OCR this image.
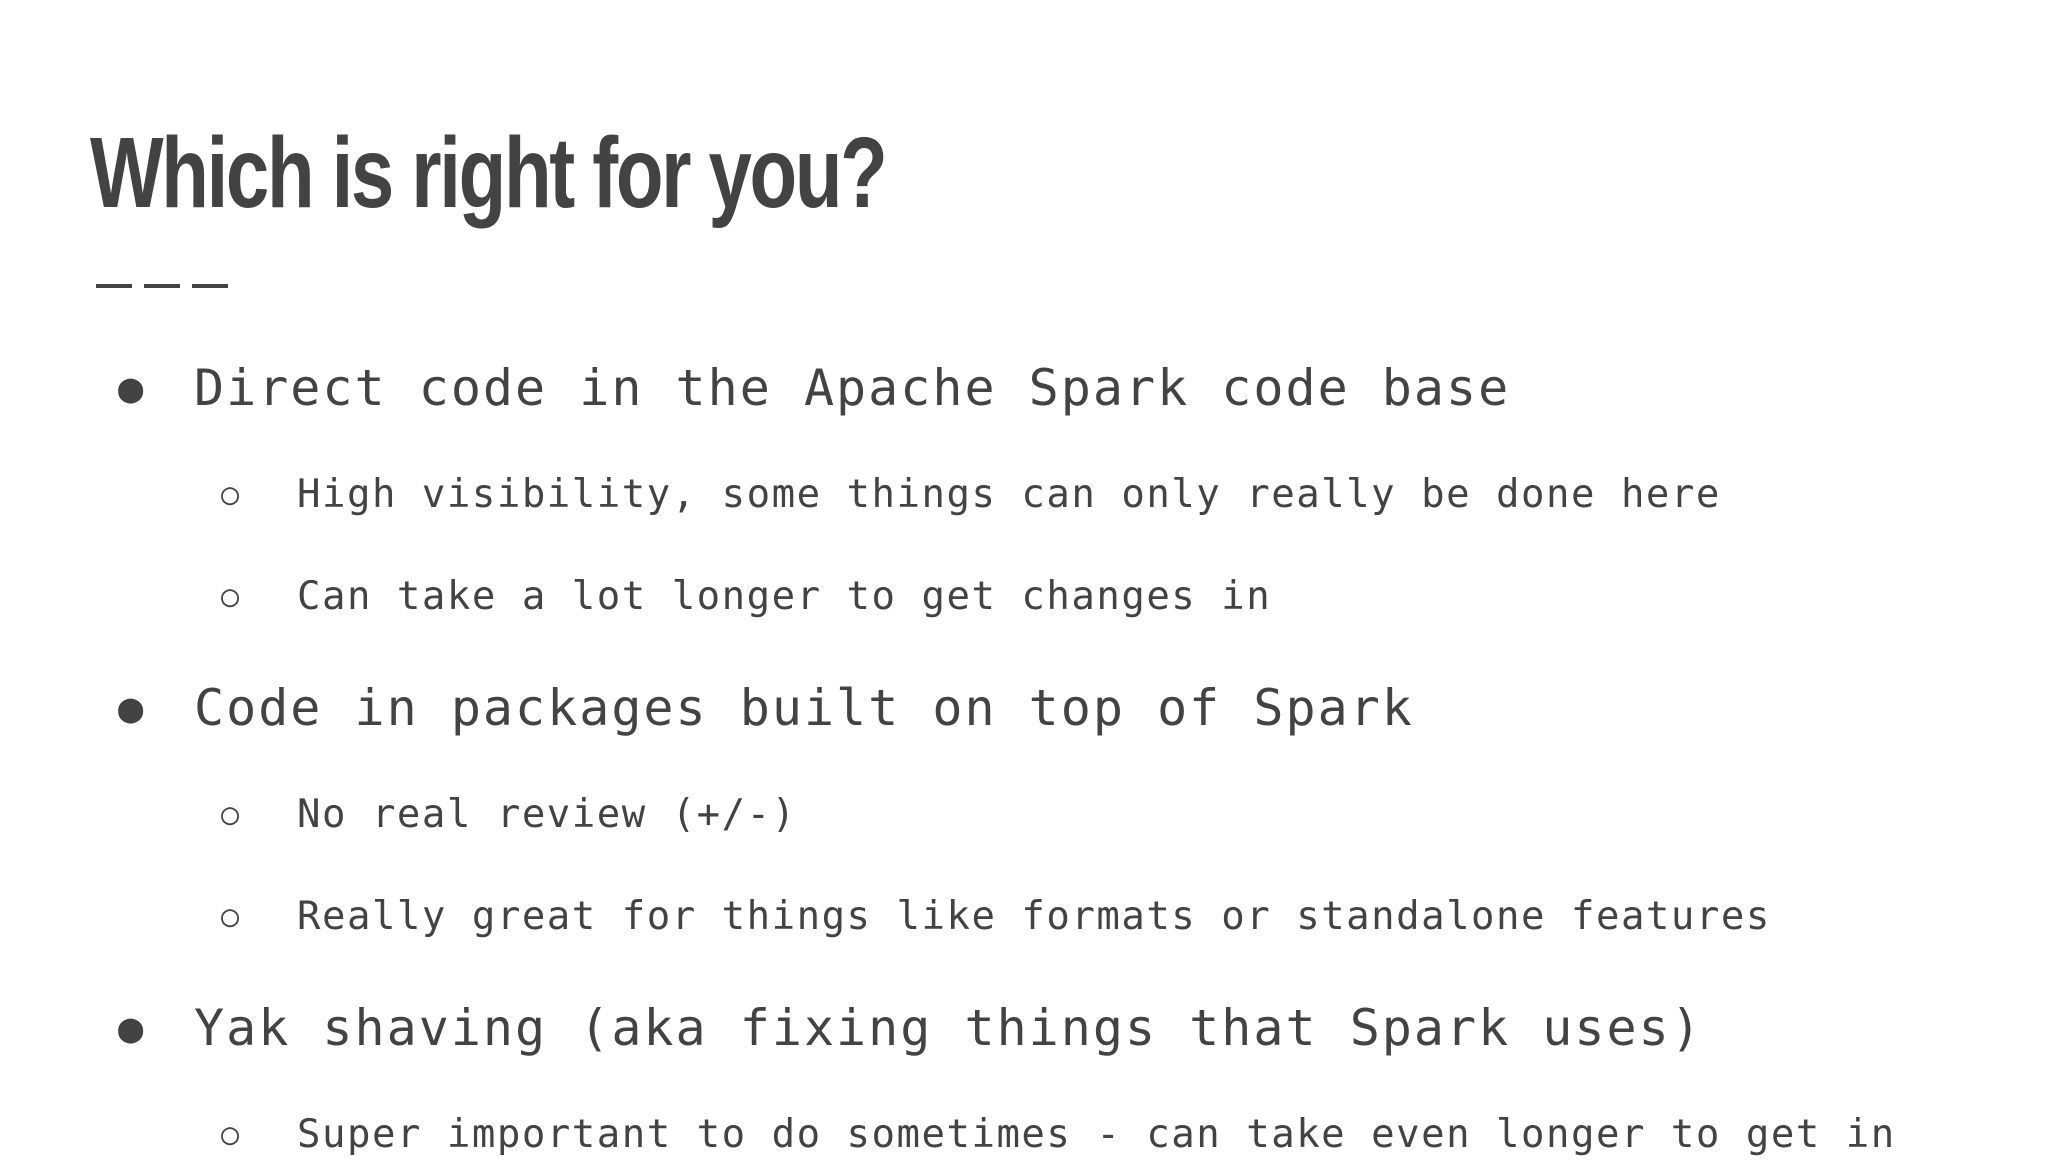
Which is right for you?
● Direct code in the Apache Spark code base
○ High visibility, some things can only really be done here
○ Can take a lot longer to get changes in
● Code in packages built on top of Spark
○ No real review (+/-)
○ Really great for things like formats or standalone features
● Yak shaving (aka fixing things that Spark uses)
○ Super important to do sometimes - can take even longer to get in
